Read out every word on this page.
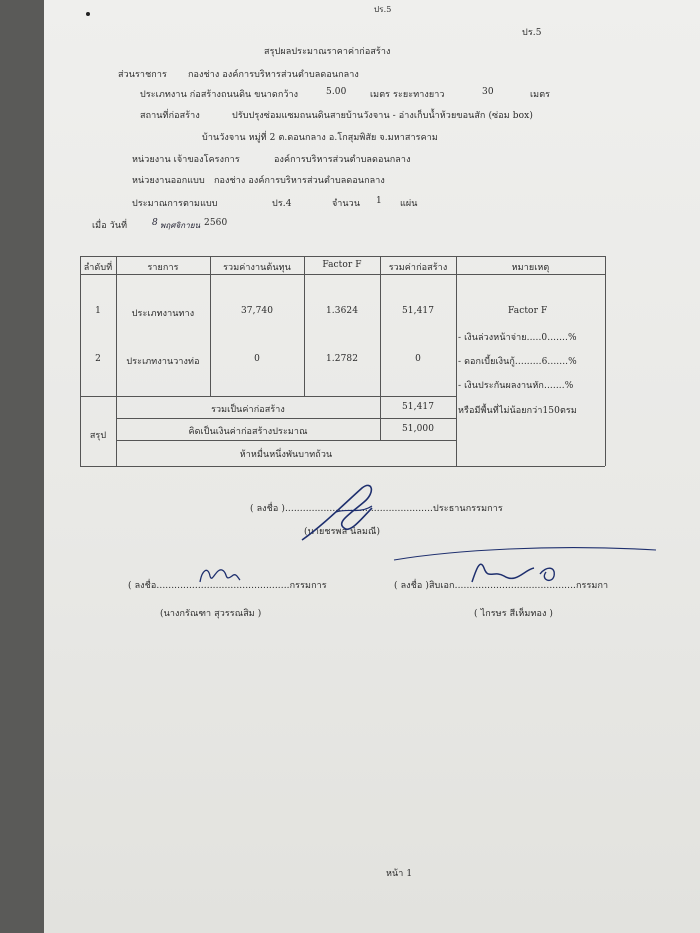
ปร.5
ปร.5
สรุปผลประมาณราคาค่าก่อสร้าง
ส่วนราชการ กองช่าง องค์การบริหารส่วนตำบลดอนกลาง
ประเภทงาน ก่อสร้างถนนดิน ขนาดกว้าง	5.00	เมตร ระยะทางยาว	30	เมตร
สถานที่ก่อสร้าง	ปรับปรุงซ่อมแซมถนนดินสายบ้านวังจาน - อ่างเก็บน้ำห้วยขอนสัก (ซ่อม box)
บ้านวังจาน หมู่ที่ 2 ต.ดอนกลาง อ.โกสุมพิสัย จ.มหาสารคาม
หน่วยงาน เจ้าของโครงการ	องค์การบริหารส่วนตำบลดอนกลาง
หน่วยงานออกแบบ กองช่าง องค์การบริหารส่วนตำบลดอนกลาง
ประมาณการตามแบบ	ปร.4	จำนวน 1 แผ่น
เมื่อ วันที่	8 พฤศจิกายน 2560
ลำดับที่	รายการ	รวมค่างานต้นทุน	Factor F	รวมค่าก่อสร้าง	หมายเหตุ
1	ประเภทงานทาง	37,740	1.3624	51,417
2	ประเภทงานวางท่อ	0	1.2782	0
Factor F
- เงินล่วงหน้าจ่าย.....0.......%
- ดอกเบี้ยเงินกู้.........6.......%
- เงินประกันผลงานหัก.......%
หรือมีพื้นที่ไม่น้อยกว่า150ตรม
สรุป
รวมเป็นค่าก่อสร้าง	51,417
คิดเป็นเงินค่าก่อสร้างประมาณ	51,000
ห้าหมื่นหนึ่งพันบาทถ้วน
( ลงชื่อ )..................................................ประธานกรรมการ
(นายชรพล นิลมณี)
( ลงชื่อ.............................................กรรมการ
(นางกรัณฑา สุวรรณสิม )
( ลงชื่อ )สิบเอก.........................................กรรมกา
( ไกรษร สีเห็มทอง )
หน้า 1
